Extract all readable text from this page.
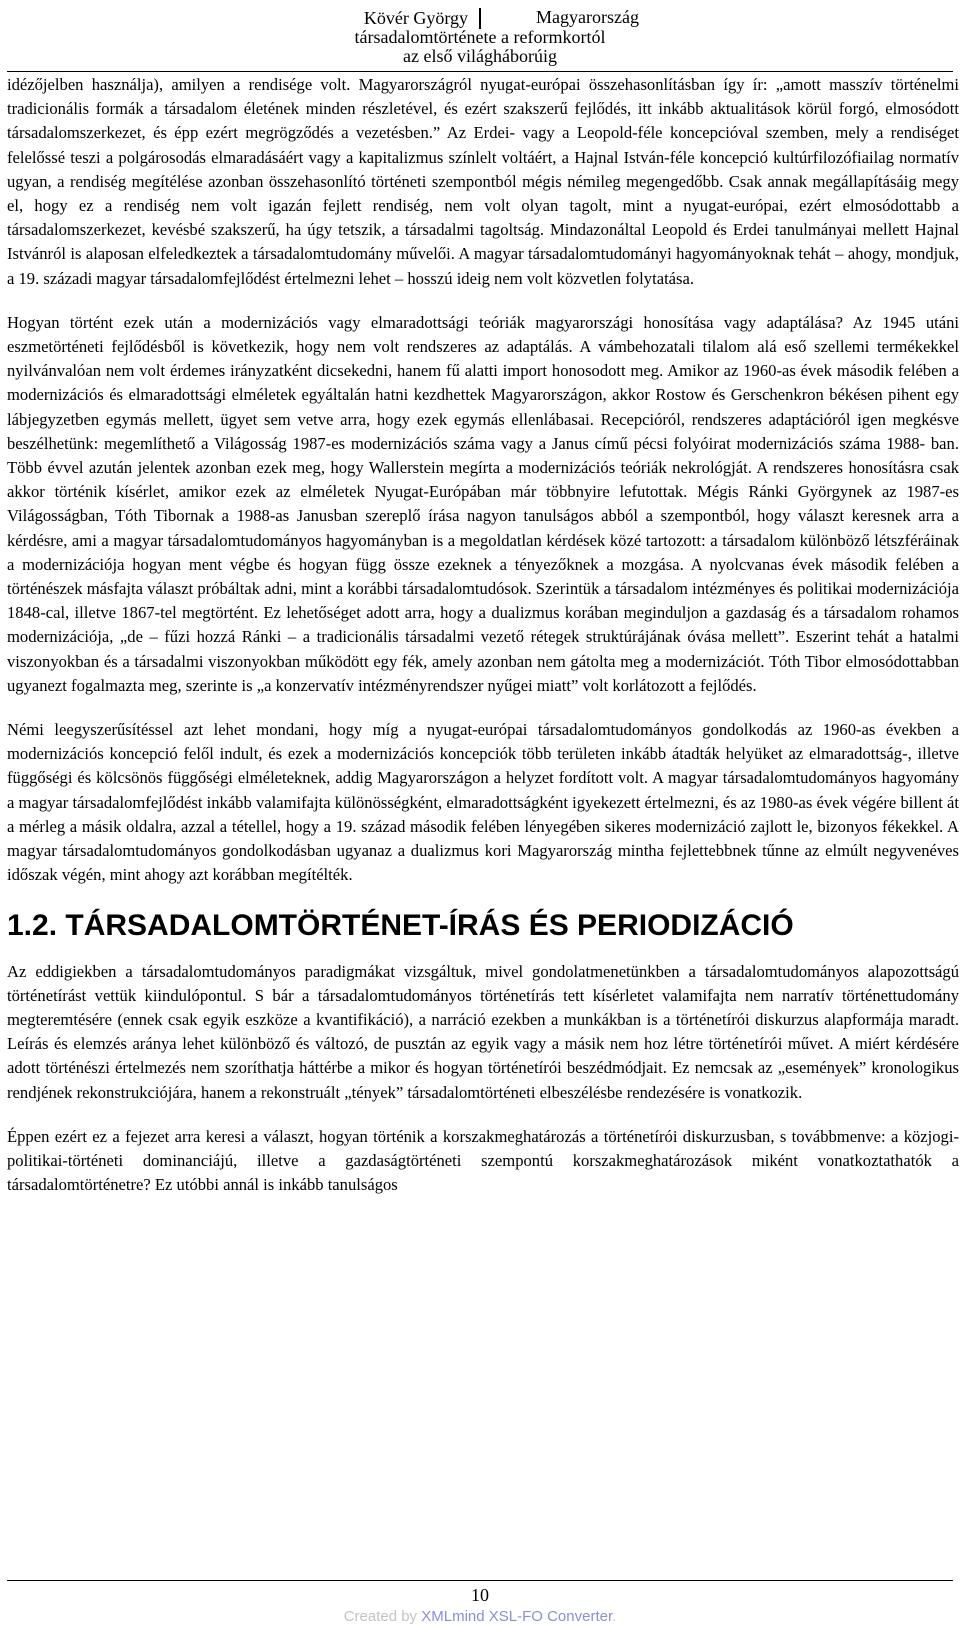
Kövér György	Magyarország
társadalomtörténete a reformkortól
az első világháborúig

idézőjelben használja), amilyen a rendisége volt. Magyarországról nyugat-európai összehasonlításban így ír: „amott masszív történelmi tradicionális formák a társadalom életének minden részletével, és ezért szakszerű fejlődés, itt inkább aktualitások körül forgó, elmosódott társadalomszerkezet, és épp ezért megrögződés a vezetésben.” Az Erdei- vagy a Leopold-féle koncepcióval szemben, mely a rendiséget felelőssé teszi a polgárosodás elmaradásáért vagy a kapitalizmus színlelt voltáért, a Hajnal István-féle koncepció kultúrfilozófiailag normatív ugyan, a rendiség megítélése azonban összehasonlító történeti szempontból mégis némileg megengedőbb. Csak annak megállapításáig megy el, hogy ez a rendiség nem volt igazán fejlett rendiség, nem volt olyan tagolt, mint a nyugat-európai, ezért elmosódottabb a társadalomszerkezet, kevésbé szakszerű, ha úgy tetszik, a társadalmi tagoltság. Mindazonáltal Leopold és Erdei tanulmányai mellett Hajnal Istvánról is alaposan elfeledkeztek a társadalomtudomány művelői. A magyar társadalomtudományi hagyományoknak tehát – ahogy, mondjuk, a 19. századi magyar társadalomfejlődést értelmezni lehet – hosszú ideig nem volt közvetlen folytatása.

Hogyan történt ezek után a modernizációs vagy elmaradottsági teóriák magyarországi honosítása vagy adaptálása? Az 1945 utáni eszmetörténeti fejlődésből is következik, hogy nem volt rendszeres az adaptálás. A vámbehozatali tilalom alá eső szellemi termékekkel nyilvánvalóan nem volt érdemes irányzatként dicsekedni, hanem fű alatti import honosodott meg. Amikor az 1960-as évek második felében a modernizációs és elmaradottsági elméletek egyáltalán hatni kezdhettek Magyarországon, akkor Rostow és Gerschenkron békésen pihent egy lábjegyzetben egymás mellett, ügyet sem vetve arra, hogy ezek egymás ellenlábasai. Recepcióról, rendszeres adaptációról igen megkésve beszélhetünk: megemlíthető a Világosság 1987-es modernizációs száma vagy a Janus című pécsi folyóirat modernizációs száma 1988- ban. Több évvel azután jelentek azonban ezek meg, hogy Wallerstein megírta a modernizációs teóriák nekrológját. A rendszeres honosításra csak akkor történik kísérlet, amikor ezek az elméletek Nyugat-Európában már többnyire lefutottak. Mégis Ránki Györgynek az 1987-es Világosságban, Tóth Tibornak a 1988-as Janusban szereplő írása nagyon tanulságos abból a szempontból, hogy választ keresnek arra a kérdésre, ami a magyar társadalomtudományos hagyományban is a megoldatlan kérdések közé tartozott: a társadalom különböző létszféráinak a modernizációja hogyan ment végbe és hogyan függ össze ezeknek a tényezőknek a mozgása. A nyolcvanas évek második felében a történészek másfajta választ próbáltak adni, mint a korábbi társadalomtudósok. Szerintük a társadalom intézményes és politikai modernizációja 1848-cal, illetve 1867-tel megtörtént. Ez lehetőséget adott arra, hogy a dualizmus korában meginduljon a gazdaság és a társadalom rohamos modernizációja, „de – fűzi hozzá Ránki – a tradicionális társadalmi vezető rétegek struktúrájának óvása mellett”. Eszerint tehát a hatalmi viszonyokban és a társadalmi viszonyokban működött egy fék, amely azonban nem gátolta meg a modernizációt. Tóth Tibor elmosódottabban ugyanezt fogalmazta meg, szerinte is „a konzervatív intézményrendszer nyűgei miatt” volt korlátozott a fejlődés.

Némi leegyszerűsítéssel azt lehet mondani, hogy míg a nyugat-európai társadalomtudományos gondolkodás az 1960-as években a modernizációs koncepció felől indult, és ezek a modernizációs koncepciók több területen inkább átadták helyüket az elmaradottság-, illetve függőségi és kölcsönös függőségi elméleteknek, addig Magyarországon a helyzet fordított volt. A magyar társadalomtudományos hagyomány a magyar társadalomfejlődést inkább valamifajta különösségként, elmaradottságként igyekezett értelmezni, és az 1980-as évek végére billent át a mérleg a másik oldalra, azzal a tétellel, hogy a 19. század második felében lényegében sikeres modernizáció zajlott le, bizonyos fékekkel. A magyar társadalomtudományos gondolkodásban ugyanaz a dualizmus kori Magyarország mintha fejlettebbnek tűnne az elmúlt negyvenéves időszak végén, mint ahogy azt korábban megítélték.

1.2. TÁRSADALOMTÖRTÉNET-ÍRÁS ÉS PERIODIZÁCIÓ

Az eddigiekben a társadalomtudományos paradigmákat vizsgáltuk, mivel gondolatmenetünkben a társadalomtudományos alapozottságú történetírást vettük kiindulópontul. S bár a társadalomtudományos történetírás tett kísérletet valamifajta nem narratív történettudomány megteremtésére (ennek csak egyik eszköze a kvantifikáció), a narráció ezekben a munkákban is a történetírói diskurzus alapformája maradt. Leírás és elemzés aránya lehet különböző és változó, de pusztán az egyik vagy a másik nem hoz létre történetírói művet. A miért kérdésére adott történészi értelmezés nem szoríthatja háttérbe a mikor és hogyan történetírói beszédmódjait. Ez nemcsak az „események” kronologikus rendjének rekonstrukciójára, hanem a rekonstruált „tények” társadalomtörténeti elbeszélésbe rendezésére is vonatkozik.

Éppen ezért ez a fejezet arra keresi a választ, hogyan történik a korszakmeghatározás a történetírói diskurzusban, s továbbmenve: a közjogi-politikai-történeti dominanciájú, illetve a gazdaságtörténeti szempontú korszakmeghatározások miként vonatkoztathatók a társadalomtörténetre? Ez utóbbi annál is inkább tanulságos

10
Created by XMLmind XSL-FO Converter.
